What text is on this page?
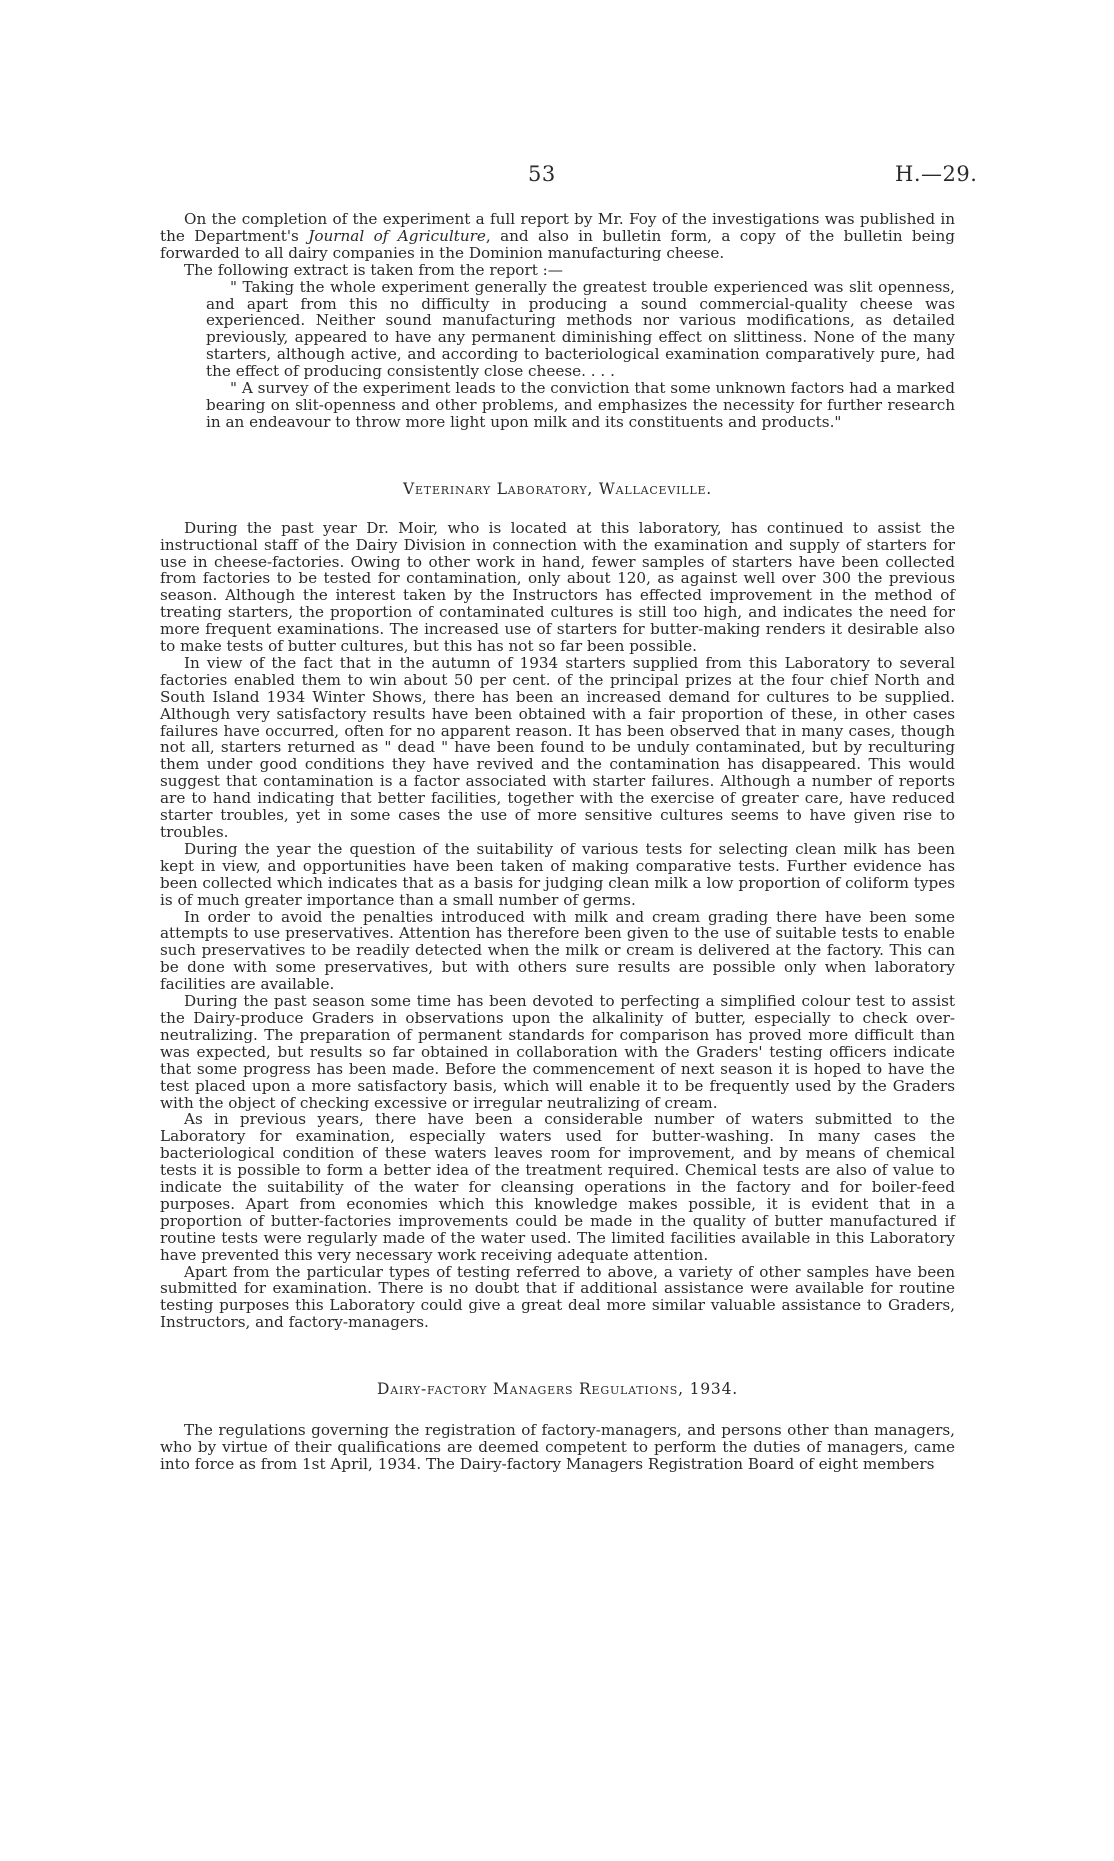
53	H.—29.

On the completion of the experiment a full report by Mr. Foy of the investigations was published in the Department's Journal of Agriculture, and also in bulletin form, a copy of the bulletin being forwarded to all dairy companies in the Dominion manufacturing cheese.

The following extract is taken from the report :—

" Taking the whole experiment generally the greatest trouble experienced was slit openness, and apart from this no difficulty in producing a sound commercial-quality cheese was experienced. Neither sound manufacturing methods nor various modifications, as detailed previously, appeared to have any permanent diminishing effect on slittiness. None of the many starters, although active, and according to bacteriological examination comparatively pure, had the effect of producing consistently close cheese. . . .

" A survey of the experiment leads to the conviction that some unknown factors had a marked bearing on slit-openness and other problems, and emphasizes the necessity for further research in an endeavour to throw more light upon milk and its constituents and products."

Veterinary Laboratory, Wallaceville.

During the past year Dr. Moir, who is located at this laboratory, has continued to assist the instructional staff of the Dairy Division in connection with the examination and supply of starters for use in cheese-factories. Owing to other work in hand, fewer samples of starters have been collected from factories to be tested for contamination, only about 120, as against well over 300 the previous season. Although the interest taken by the Instructors has effected improvement in the method of treating starters, the proportion of contaminated cultures is still too high, and indicates the need for more frequent examinations. The increased use of starters for butter-making renders it desirable also to make tests of butter cultures, but this has not so far been possible.

In view of the fact that in the autumn of 1934 starters supplied from this Laboratory to several factories enabled them to win about 50 per cent. of the principal prizes at the four chief North and South Island 1934 Winter Shows, there has been an increased demand for cultures to be supplied. Although very satisfactory results have been obtained with a fair proportion of these, in other cases failures have occurred, often for no apparent reason. It has been observed that in many cases, though not all, starters returned as " dead " have been found to be unduly contaminated, but by reculturing them under good conditions they have revived and the contamination has disappeared. This would suggest that contamination is a factor associated with starter failures. Although a number of reports are to hand indicating that better facilities, together with the exercise of greater care, have reduced starter troubles, yet in some cases the use of more sensitive cultures seems to have given rise to troubles.

During the year the question of the suitability of various tests for selecting clean milk has been kept in view, and opportunities have been taken of making comparative tests. Further evidence has been collected which indicates that as a basis for judging clean milk a low proportion of coliform types is of much greater importance than a small number of germs.

In order to avoid the penalties introduced with milk and cream grading there have been some attempts to use preservatives. Attention has therefore been given to the use of suitable tests to enable such preservatives to be readily detected when the milk or cream is delivered at the factory. This can be done with some preservatives, but with others sure results are possible only when laboratory facilities are available.

During the past season some time has been devoted to perfecting a simplified colour test to assist the Dairy-produce Graders in observations upon the alkalinity of butter, especially to check over-neutralizing. The preparation of permanent standards for comparison has proved more difficult than was expected, but results so far obtained in collaboration with the Graders' testing officers indicate that some progress has been made. Before the commencement of next season it is hoped to have the test placed upon a more satisfactory basis, which will enable it to be frequently used by the Graders with the object of checking excessive or irregular neutralizing of cream.

As in previous years, there have been a considerable number of waters submitted to the Laboratory for examination, especially waters used for butter-washing. In many cases the bacteriological condition of these waters leaves room for improvement, and by means of chemical tests it is possible to form a better idea of the treatment required. Chemical tests are also of value to indicate the suitability of the water for cleansing operations in the factory and for boiler-feed purposes. Apart from economies which this knowledge makes possible, it is evident that in a proportion of butter-factories improvements could be made in the quality of butter manufactured if routine tests were regularly made of the water used. The limited facilities available in this Laboratory have prevented this very necessary work receiving adequate attention.

Apart from the particular types of testing referred to above, a variety of other samples have been submitted for examination. There is no doubt that if additional assistance were available for routine testing purposes this Laboratory could give a great deal more similar valuable assistance to Graders, Instructors, and factory-managers.

Dairy-factory Managers Regulations, 1934.

The regulations governing the registration of factory-managers, and persons other than managers, who by virtue of their qualifications are deemed competent to perform the duties of managers, came into force as from 1st April, 1934. The Dairy-factory Managers Registration Board of eight members
